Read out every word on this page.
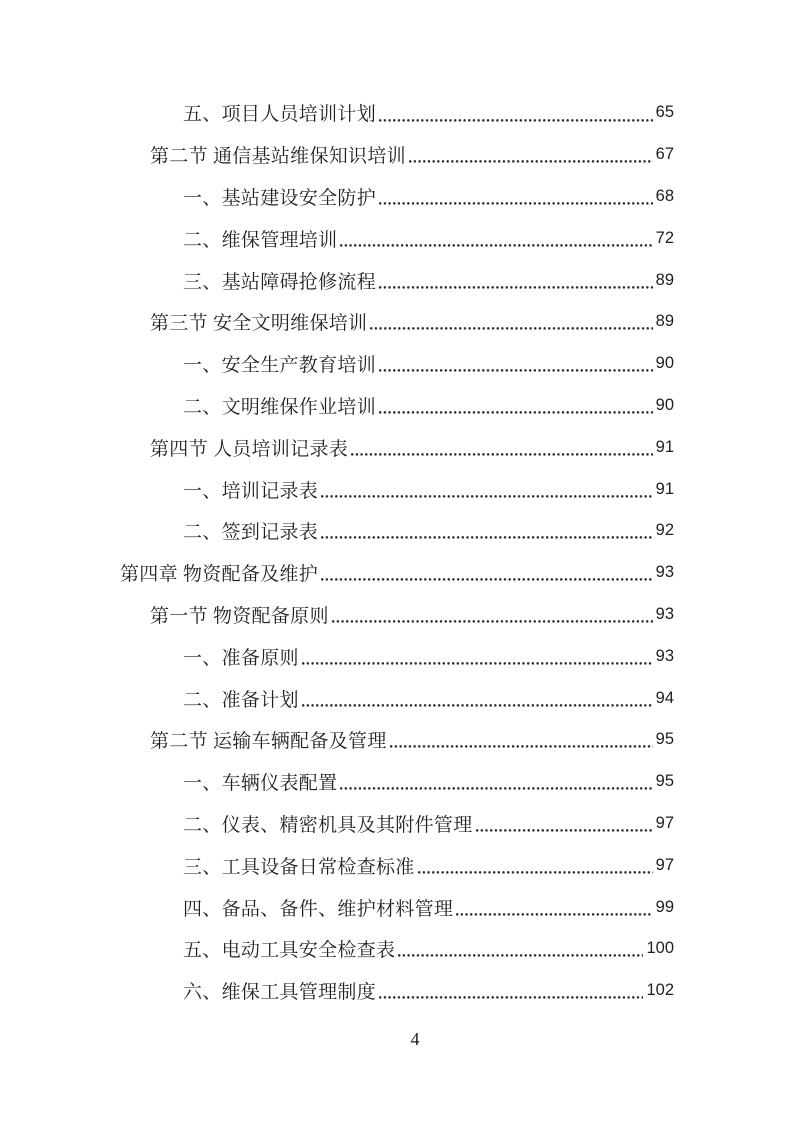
五、项目人员培训计划	65
第二节 通信基站维保知识培训	67
一、基站建设安全防护	68
二、维保管理培训	72
三、基站障碍抢修流程	89
第三节 安全文明维保培训	89
一、安全生产教育培训	90
二、文明维保作业培训	90
第四节 人员培训记录表	91
一、培训记录表	91
二、签到记录表	92
第四章 物资配备及维护	93
第一节 物资配备原则	93
一、准备原则	93
二、准备计划	94
第二节 运输车辆配备及管理	95
一、车辆仪表配置	95
二、仪表、精密机具及其附件管理	97
三、工具设备日常检查标准	97
四、备品、备件、维护材料管理	99
五、电动工具安全检查表	100
六、维保工具管理制度	102
4
